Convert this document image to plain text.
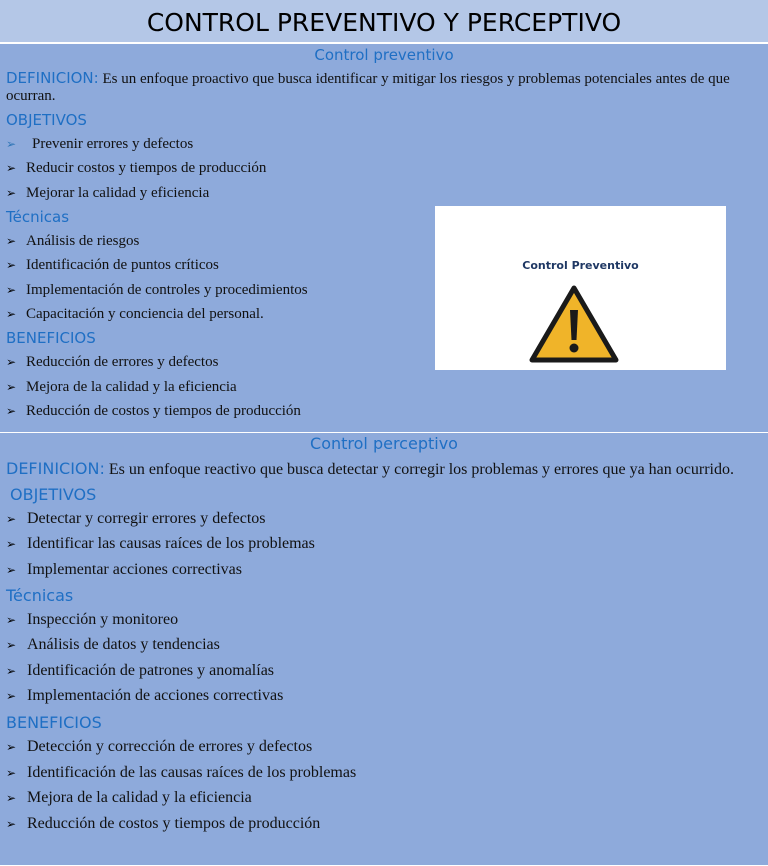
CONTROL PREVENTIVO Y PERCEPTIVO
Control preventivo
DEFINICION: Es un enfoque proactivo que busca identificar y mitigar los riesgos y problemas potenciales antes de que ocurran.
OBJETIVOS
➢ Prevenir errores y defectos
➢ Reducir costos y tiempos de producción
➢ Mejorar la calidad y eficiencia
Técnicas
➢ Análisis de riesgos
➢ Identificación de puntos críticos
➢ Implementación de controles y procedimientos
➢ Capacitación y conciencia del personal.
BENEFICIOS
➢ Reducción de errores y defectos
➢ Mejora de la calidad y la eficiencia
➢ Reducción de costos y tiempos de producción
Control Preventivo
Control perceptivo
DEFINICION: Es un enfoque reactivo que busca detectar y corregir los problemas y errores que ya han ocurrido.
OBJETIVOS
➢ Detectar y corregir errores y defectos
➢ Identificar las causas raíces de los problemas
➢ Implementar acciones correctivas
Técnicas
➢ Inspección y monitoreo
➢ Análisis de datos y tendencias
➢ Identificación de patrones y anomalías
➢ Implementación de acciones correctivas
BENEFICIOS
➢ Detección y corrección de errores y defectos
➢ Identificación de las causas raíces de los problemas
➢ Mejora de la calidad y la eficiencia
➢ Reducción de costos y tiempos de producción
